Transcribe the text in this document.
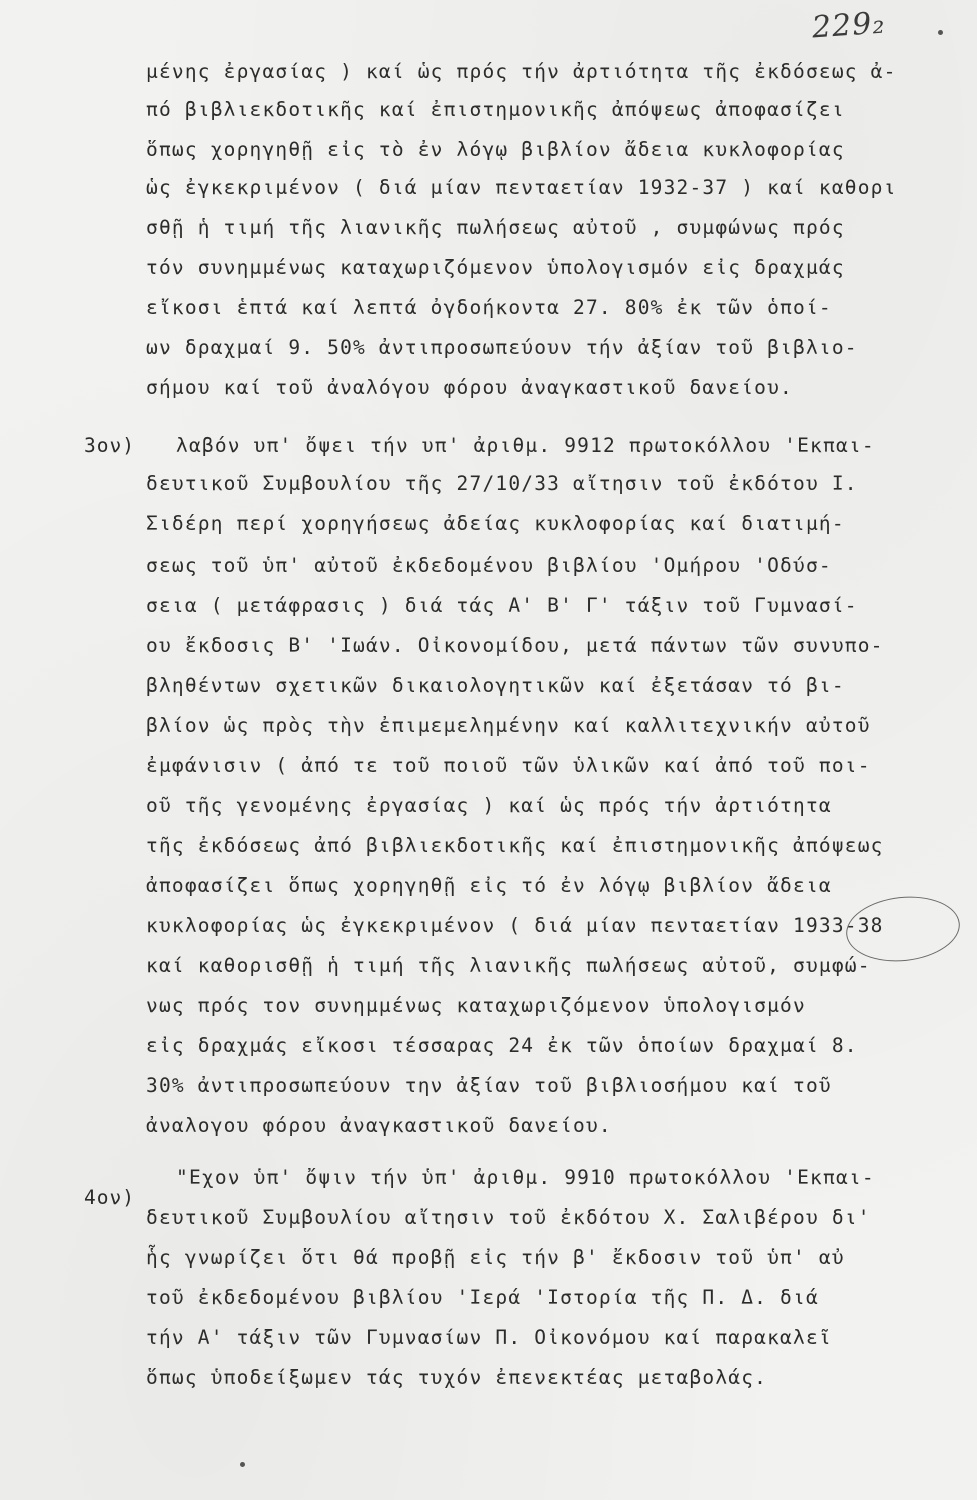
229₂
3ον)
4ον)
μένης ἐργασίας ) καί ὡς πρός τήν ἀρτιότητα τῆς ἐκδόσεως ἀ-
πό βιβλιεκδοτικῆς καί ἐπιστημονικῆς ἀπόψεως ἀποφασίζει
ὅπως χορηγηθῇ εἰς τὸ ἐν λόγῳ βιβλίον ἄδεια κυκλοφορίας
ὡς ἐγκεκριμένον ( διά μίαν πενταετίαν 1932-37 ) καί καθορι
σθῇ ἡ τιμή τῆς λιανικῆς πωλήσεως αὐτοῦ , συμφώνως πρός
τόν συνημμένως καταχωριζόμενον ὑπολογισμόν εἰς δραχμάς
εἴκοσι ἑπτά καί λεπτά ὀγδοήκοντα 27. 80% ἐκ τῶν ὁποί-
ων δραχμαί 9. 50% ἀντιπροσωπεύουν τήν ἀξίαν τοῦ βιβλιο-
σήμου καί τοῦ ἀναλόγου φόρου ἀναγκαστικοῦ δανείου.
λαβόν υπ' ὄψει τήν υπ' ἀριθμ. 9912 πρωτοκόλλου 'Εκπαι-
δευτικοῦ Συμβουλίου τῆς 27/10/33 αἴτησιν τοῦ ἐκδότου Ι.
Σιδέρη περί χορηγήσεως ἀδείας κυκλοφορίας καί διατιμή-
σεως τοῦ ὑπ' αὐτοῦ ἐκδεδομένου βιβλίου 'Ομήρου 'Οδύσ-
σεια ( μετάφρασις ) διά τάς Α' Β' Γ' τάξιν τοῦ Γυμνασί-
ου ἔκδοσις Β' 'Ιωάν. Οἰκονομίδου, μετά πάντων τῶν συνυπο-
βληθέντων σχετικῶν δικαιολογητικῶν καί ἐξετάσαν τό βι-
βλίον ὡς πρὸς τὴν ἐπιμεμελημένην καί καλλιτεχνικήν αὐτοῦ
ἐμφάνισιν ( ἀπό τε τοῦ ποιοῦ τῶν ὑλικῶν καί ἀπό τοῦ ποι-
οῦ τῆς γενομένης ἐργασίας ) καί ὡς πρός τήν ἀρτιότητα
τῆς ἐκδόσεως ἀπό βιβλιεκδοτικῆς καί ἐπιστημονικῆς ἀπόψεως
ἀποφασίζει ὅπως χορηγηθῇ εἰς τό ἐν λόγῳ βιβλίον ἄδεια
κυκλοφορίας ὡς ἐγκεκριμένον ( διά μίαν πενταετίαν 1933-38
καί καθορισθῇ ἡ τιμή τῆς λιανικῆς πωλήσεως αὐτοῦ, συμφώ-
νως πρός τον συνημμένως καταχωριζόμενον ὑπολογισμόν
εἰς δραχμάς εἴκοσι τέσσαρας 24 ἐκ τῶν ὁποίων δραχμαί 8.
30% ἀντιπροσωπεύουν την ἀξίαν τοῦ βιβλιοσήμου καί τοῦ
ἀναλογου φόρου ἀναγκαστικοῦ δανείου.
"Εχον ὑπ' ὄψιν τήν ὑπ' ἀριθμ. 9910 πρωτοκόλλου 'Εκπαι-
δευτικοῦ Συμβουλίου αἴτησιν τοῦ ἐκδότου Χ. Σαλιβέρου δι'
ἧς γνωρίζει ὅτι θά προβῇ εἰς τήν β' ἔκδοσιν τοῦ ὑπ' αὐ
τοῦ ἐκδεδομένου βιβλίου 'Ιερά 'Ιστορία τῆς Π. Δ. διά
τήν Α' τάξιν τῶν Γυμνασίων Π. Οἰκονόμου καί παρακαλεῖ
ὅπως ὑποδείξωμεν τάς τυχόν ἐπενεκτέας μεταβολάς.
